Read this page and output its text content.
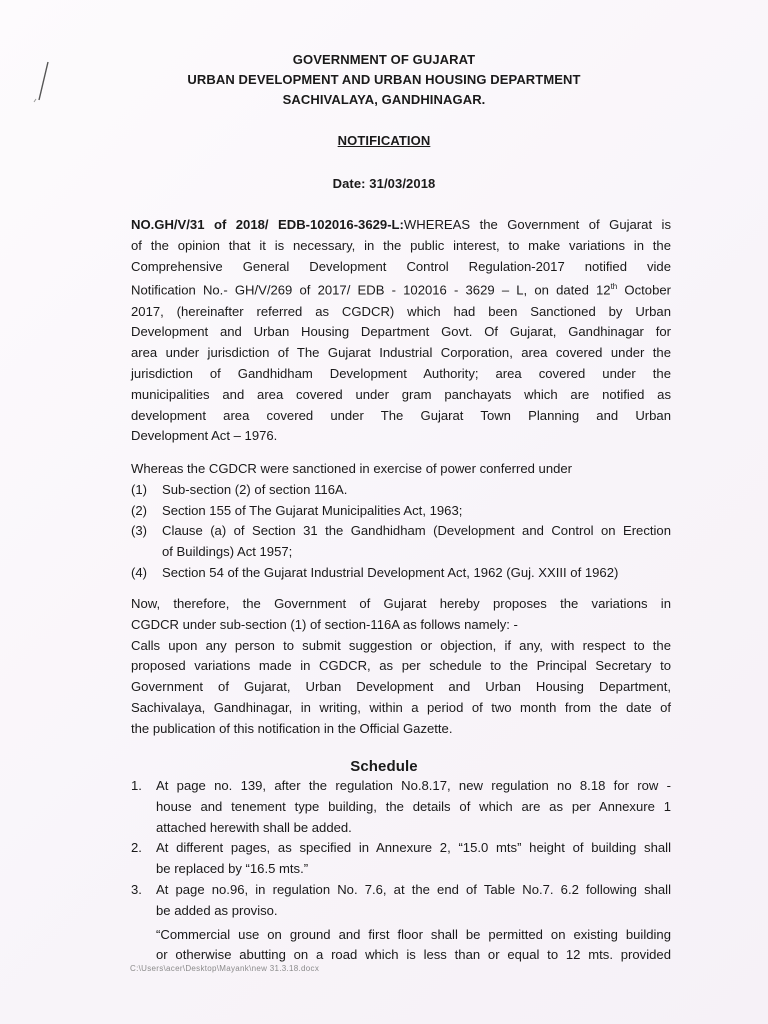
GOVERNMENT OF GUJARAT
URBAN DEVELOPMENT AND URBAN HOUSING DEPARTMENT
SACHIVALAYA, GANDHINAGAR.
NOTIFICATION
Date: 31/03/2018
NO.GH/V/31 of 2018/ EDB-102016-3629-L:WHEREAS the Government of Gujarat is
of the opinion that it is necessary, in the public interest, to make variations in the
Comprehensive General Development Control Regulation-2017 notified vide
Notification No.- GH/V/269 of 2017/ EDB - 102016 - 3629 – L, on dated 12th October
2017, (hereinafter referred as CGDCR) which had been Sanctioned by Urban
Development and Urban Housing Department Govt. Of Gujarat, Gandhinagar for
area under jurisdiction of The Gujarat Industrial Corporation, area covered under the
jurisdiction of Gandhidham Development Authority; area covered under the
municipalities and area covered under gram panchayats which are notified as
development area covered under The Gujarat Town Planning and Urban
Development Act – 1976.
Whereas the CGDCR were sanctioned in exercise of power conferred under
(1)	Sub-section (2) of section 116A.
(2)	Section 155 of The Gujarat Municipalities Act, 1963;
(3)	Clause (a) of Section 31 the Gandhidham (Development and Control on Erection
of Buildings) Act 1957;
(4)	Section 54 of the Gujarat Industrial Development Act, 1962 (Guj. XXIII of 1962)
Now, therefore, the Government of Gujarat hereby proposes the variations in
CGDCR under sub-section (1) of section-116A as follows namely: -
Calls upon any person to submit suggestion or objection, if any, with respect to the
proposed variations made in CGDCR, as per schedule to the Principal Secretary to
Government of Gujarat, Urban Development and Urban Housing Department,
Sachivalaya, Gandhinagar, in writing, within a period of two month from the date of
the publication of this notification in the Official Gazette.
Schedule
1.	At page no. 139, after the regulation No.8.17, new regulation no 8.18 for row -
house and tenement type building, the details of which are as per Annexure 1
attached herewith shall be added.
2.	At different pages, as specified in Annexure 2, “15.0 mts” height of building shall
be replaced by “16.5 mts.”
3.	At page no.96, in regulation No. 7.6, at the end of Table No.7. 6.2 following shall
be added as proviso.
“Commercial use on ground and first floor shall be permitted on existing building
or otherwise abutting on a road which is less than or equal to 12 mts. provided
C:\Users\acer\Desktop\Mayank\new 31.3.18.docx
